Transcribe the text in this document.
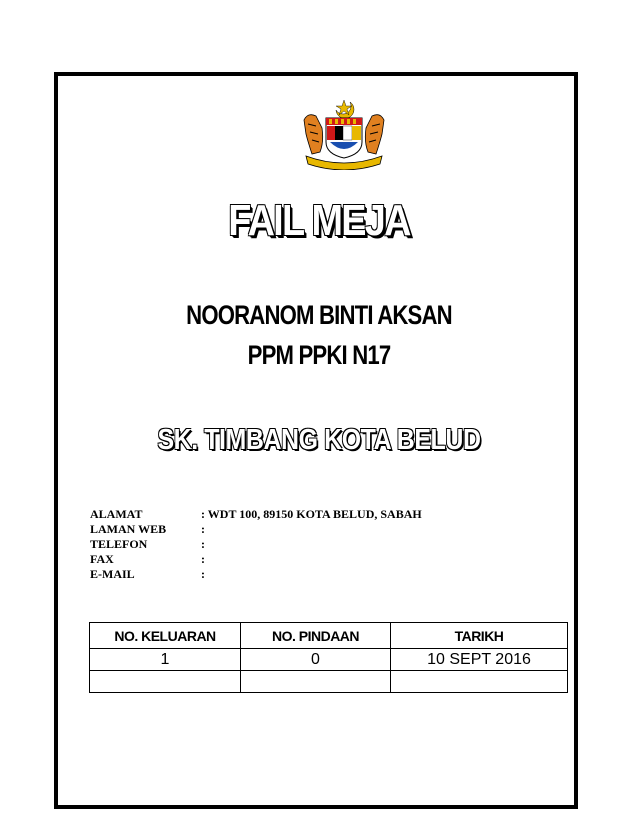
FAIL MEJA
NOORANOM BINTI AKSAN
PPM PPKI N17
SK. TIMBANG KOTA BELUD
ALAMAT	: WDT 100, 89150 KOTA BELUD, SABAH
LAMAN WEB	:
TELEFON	:
FAX	:
E-MAIL	:
NO. KELUARAN	NO. PINDAAN	TARIKH
1	0	10 SEPT 2016
